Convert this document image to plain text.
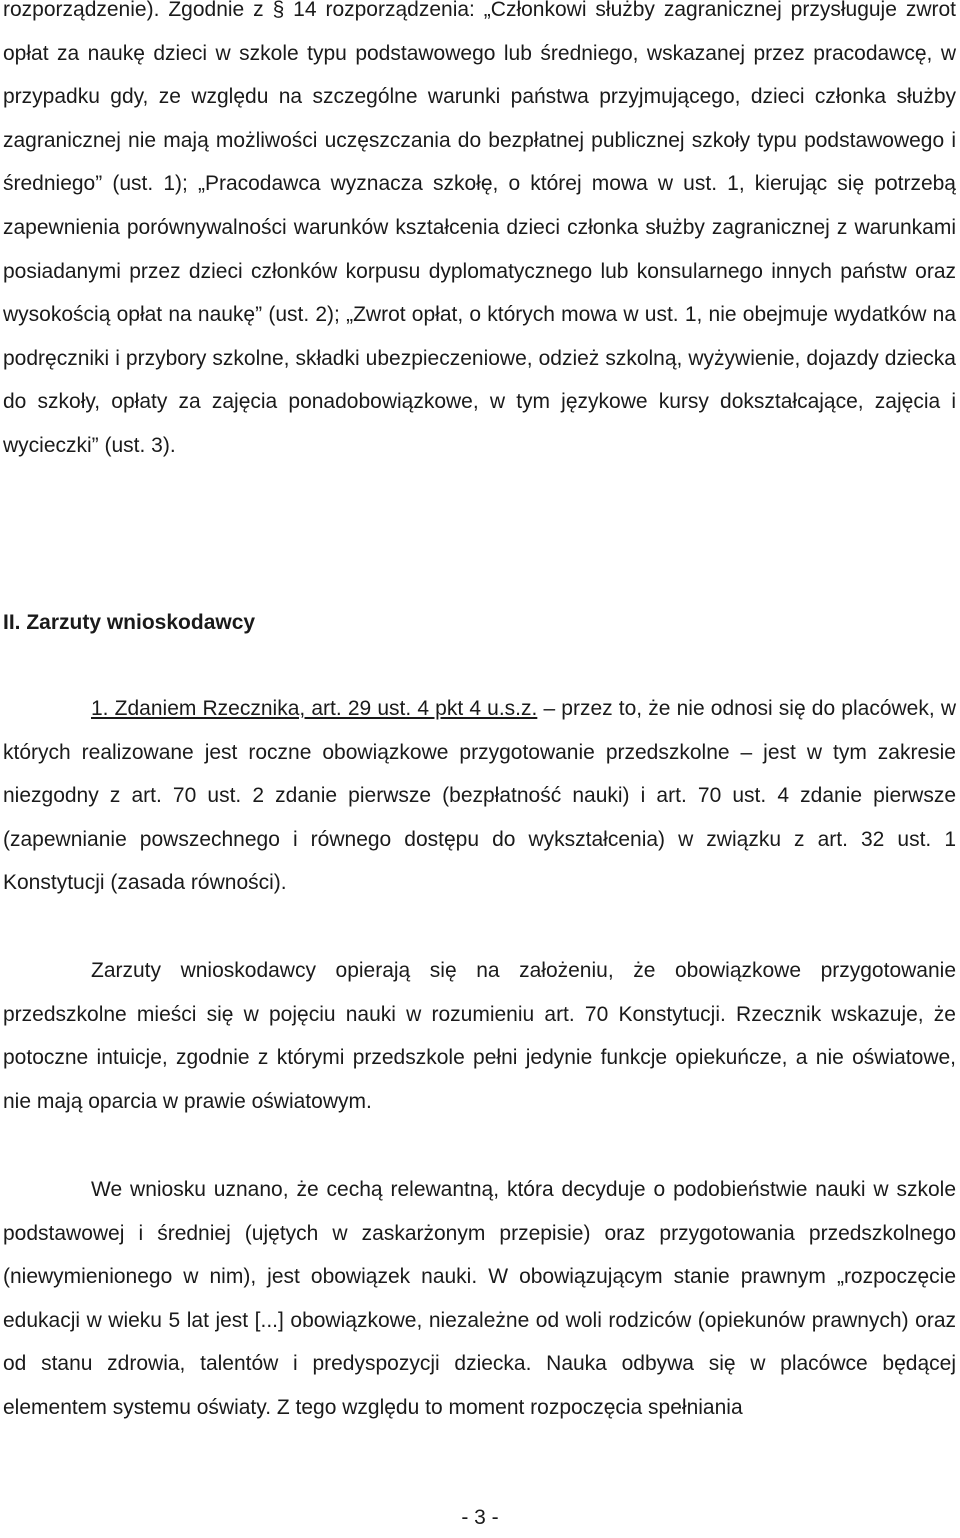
rozporządzenie). Zgodnie z § 14 rozporządzenia: „Członkowi służby zagranicznej przysługuje zwrot opłat za naukę dzieci w szkole typu podstawowego lub średniego, wskazanej przez pracodawcę, w przypadku gdy, ze względu na szczególne warunki państwa przyjmującego, dzieci członka służby zagranicznej nie mają możliwości uczęszczania do bezpłatnej publicznej szkoły typu podstawowego i średniego” (ust. 1); „Pracodawca wyznacza szkołę, o której mowa w ust. 1, kierując się potrzebą zapewnienia porównywalności warunków kształcenia dzieci członka służby zagranicznej z warunkami posiadanymi przez dzieci członków korpusu dyplomatycznego lub konsularnego innych państw oraz wysokością opłat na naukę” (ust. 2); „Zwrot opłat, o których mowa w ust. 1, nie obejmuje wydatków na podręczniki i przybory szkolne, składki ubezpieczeniowe, odzież szkolną, wyżywienie, dojazdy dziecka do szkoły, opłaty za zajęcia ponadobowiązkowe, w tym językowe kursy dokształcające, zajęcia i wycieczki” (ust. 3).

II. Zarzuty wnioskodawcy

1. Zdaniem Rzecznika, art. 29 ust. 4 pkt 4 u.s.z. – przez to, że nie odnosi się do placówek, w których realizowane jest roczne obowiązkowe przygotowanie przedszkolne – jest w tym zakresie niezgodny z art. 70 ust. 2 zdanie pierwsze (bezpłatność nauki) i art. 70 ust. 4 zdanie pierwsze (zapewnianie powszechnego i równego dostępu do wykształcenia) w związku z art. 32 ust. 1 Konstytucji (zasada równości).

Zarzuty wnioskodawcy opierają się na założeniu, że obowiązkowe przygotowanie przedszkolne mieści się w pojęciu nauki w rozumieniu art. 70 Konstytucji. Rzecznik wskazuje, że potoczne intuicje, zgodnie z którymi przedszkole pełni jedynie funkcje opiekuńcze, a nie oświatowe, nie mają oparcia w prawie oświatowym.

We wniosku uznano, że cechą relewantną, która decyduje o podobieństwie nauki w szkole podstawowej i średniej (ujętych w zaskarżonym przepisie) oraz przygotowania przedszkolnego (niewymienionego w nim), jest obowiązek nauki. W obowiązującym stanie prawnym „rozpoczęcie edukacji w wieku 5 lat jest [...] obowiązkowe, niezależne od woli rodziców (opiekunów prawnych) oraz od stanu zdrowia, talentów i predyspozycji dziecka. Nauka odbywa się w placówce będącej elementem systemu oświaty. Z tego względu to moment rozpoczęcia spełniania

- 3 -
